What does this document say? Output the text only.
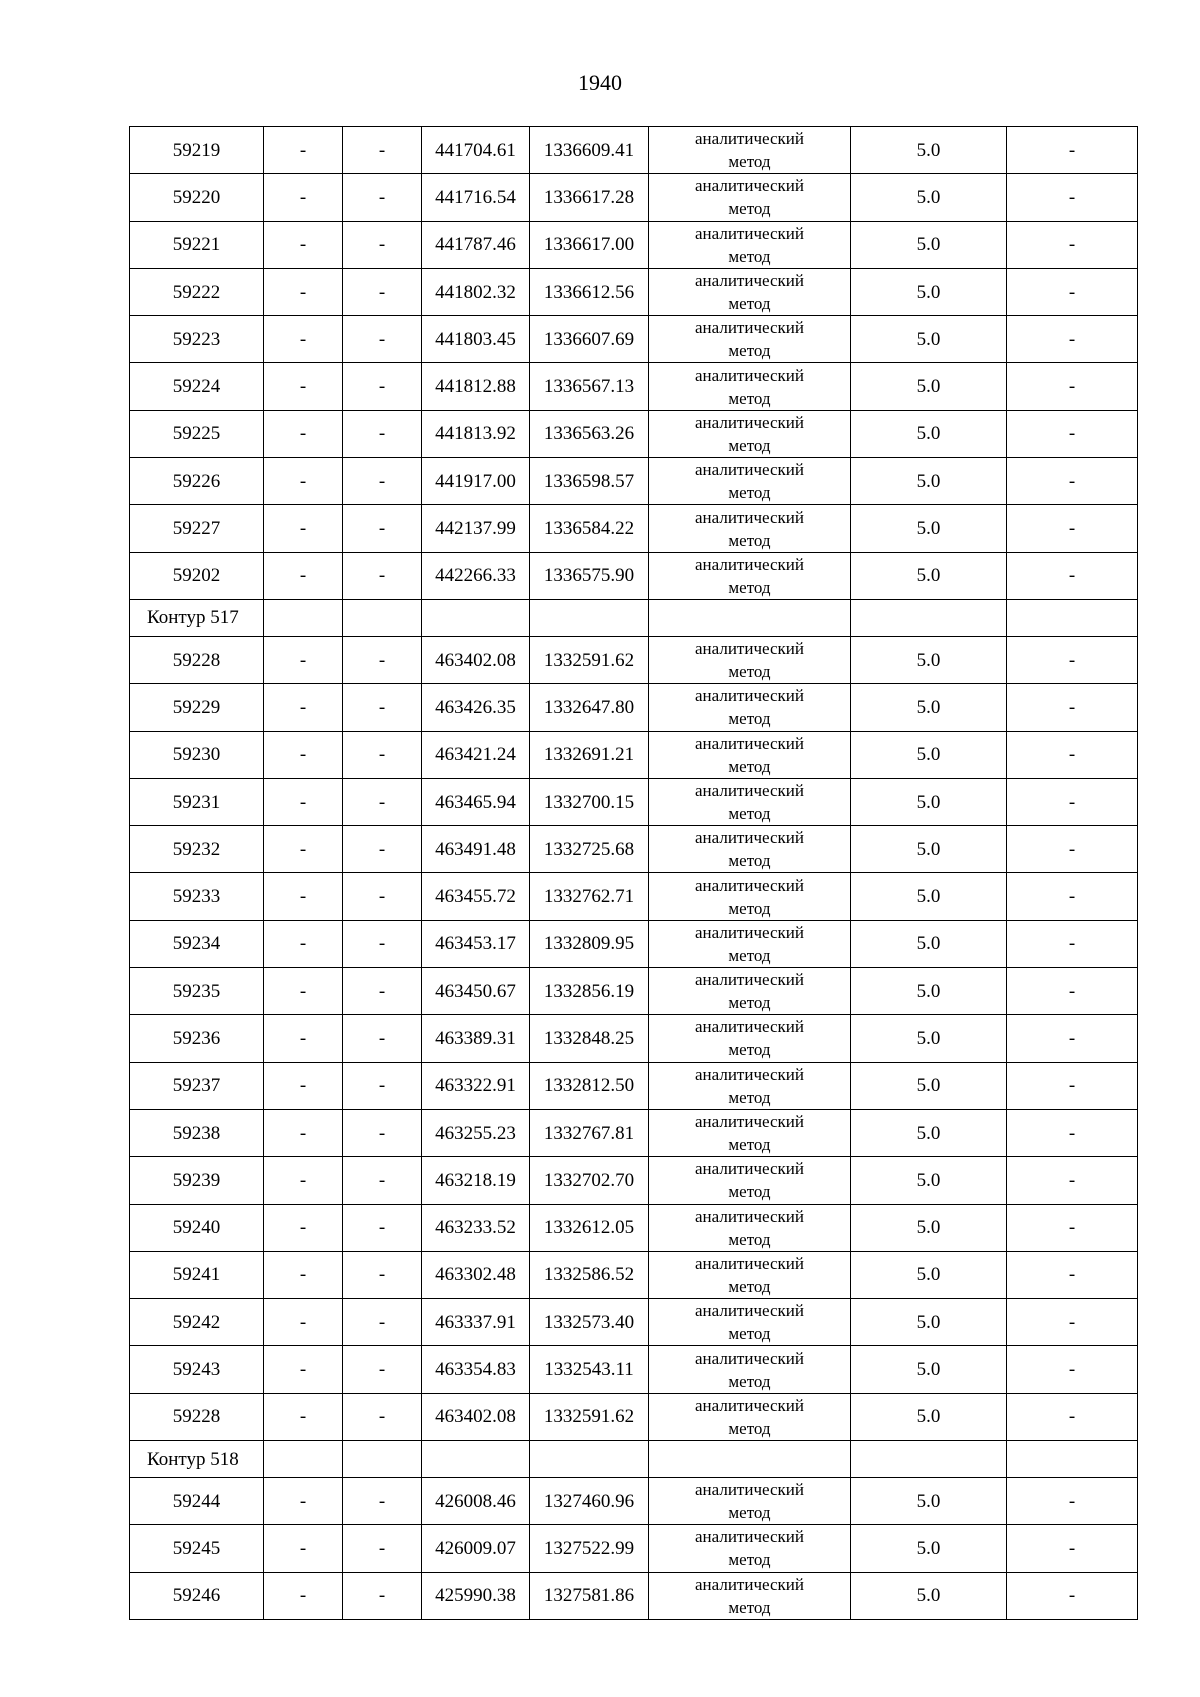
1940
59219	-	-	441704.61	1336609.41	аналитический
метод	5.0	-
59220	-	-	441716.54	1336617.28	аналитический
метод	5.0	-
59221	-	-	441787.46	1336617.00	аналитический
метод	5.0	-
59222	-	-	441802.32	1336612.56	аналитический
метод	5.0	-
59223	-	-	441803.45	1336607.69	аналитический
метод	5.0	-
59224	-	-	441812.88	1336567.13	аналитический
метод	5.0	-
59225	-	-	441813.92	1336563.26	аналитический
метод	5.0	-
59226	-	-	441917.00	1336598.57	аналитический
метод	5.0	-
59227	-	-	442137.99	1336584.22	аналитический
метод	5.0	-
59202	-	-	442266.33	1336575.90	аналитический
метод	5.0	-
Контур 517							
59228	-	-	463402.08	1332591.62	аналитический
метод	5.0	-
59229	-	-	463426.35	1332647.80	аналитический
метод	5.0	-
59230	-	-	463421.24	1332691.21	аналитический
метод	5.0	-
59231	-	-	463465.94	1332700.15	аналитический
метод	5.0	-
59232	-	-	463491.48	1332725.68	аналитический
метод	5.0	-
59233	-	-	463455.72	1332762.71	аналитический
метод	5.0	-
59234	-	-	463453.17	1332809.95	аналитический
метод	5.0	-
59235	-	-	463450.67	1332856.19	аналитический
метод	5.0	-
59236	-	-	463389.31	1332848.25	аналитический
метод	5.0	-
59237	-	-	463322.91	1332812.50	аналитический
метод	5.0	-
59238	-	-	463255.23	1332767.81	аналитический
метод	5.0	-
59239	-	-	463218.19	1332702.70	аналитический
метод	5.0	-
59240	-	-	463233.52	1332612.05	аналитический
метод	5.0	-
59241	-	-	463302.48	1332586.52	аналитический
метод	5.0	-
59242	-	-	463337.91	1332573.40	аналитический
метод	5.0	-
59243	-	-	463354.83	1332543.11	аналитический
метод	5.0	-
59228	-	-	463402.08	1332591.62	аналитический
метод	5.0	-
Контур 518							
59244	-	-	426008.46	1327460.96	аналитический
метод	5.0	-
59245	-	-	426009.07	1327522.99	аналитический
метод	5.0	-
59246	-	-	425990.38	1327581.86	аналитический
метод	5.0	-
